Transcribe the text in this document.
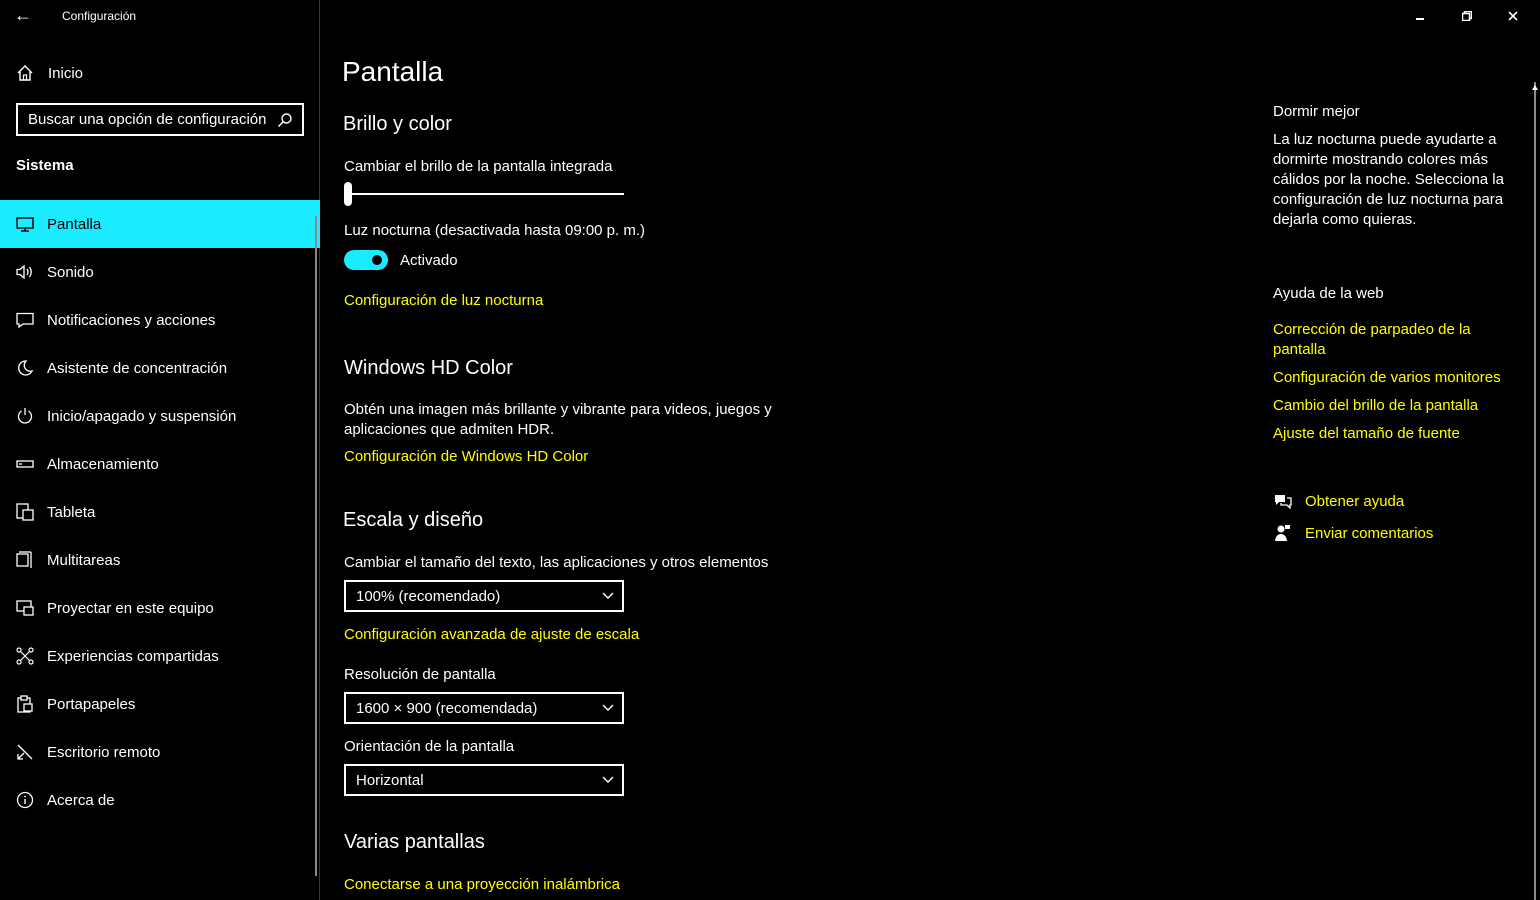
←	Configuración
Inicio
Buscar una opción de configuración
Sistema
Pantalla
Sonido
Notificaciones y acciones
Asistente de concentración
Inicio/apagado y suspensión
Almacenamiento
Tableta
Multitareas
Proyectar en este equipo
Experiencias compartidas
Portapapeles
Escritorio remoto
Acerca de
Pantalla
Brillo y color
Cambiar el brillo de la pantalla integrada
Luz nocturna (desactivada hasta 09:00 p. m.)
Activado
Configuración de luz nocturna
Windows HD Color
Obtén una imagen más brillante y vibrante para videos, juegos y aplicaciones que admiten HDR.
Configuración de Windows HD Color
Escala y diseño
Cambiar el tamaño del texto, las aplicaciones y otros elementos
100% (recomendado)
Configuración avanzada de ajuste de escala
Resolución de pantalla
1600 × 900 (recomendada)
Orientación de la pantalla
Horizontal
Varias pantallas
Conectarse a una proyección inalámbrica
Dormir mejor
La luz nocturna puede ayudarte a dormirte mostrando colores más cálidos por la noche. Selecciona la configuración de luz nocturna para dejarla como quieras.
Ayuda de la web
Corrección de parpadeo de la pantalla
Configuración de varios monitores
Cambio del brillo de la pantalla
Ajuste del tamaño de fuente
Obtener ayuda
Enviar comentarios
